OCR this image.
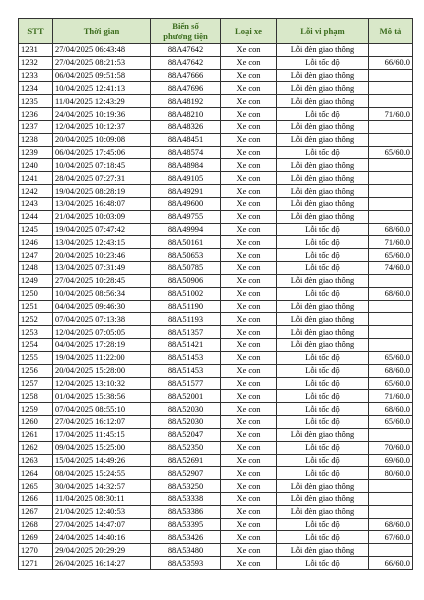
STT	Thời gian	Biển số
phương tiện	Loại xe	Lỗi vi phạm	Mô tả
1231	27/04/2025 06:43:48	88A47642	Xe con	Lỗi đèn giao thông	
1232	27/04/2025 08:21:53	88A47642	Xe con	Lỗi tốc độ	66/60.0
1233	06/04/2025 09:51:58	88A47666	Xe con	Lỗi đèn giao thông	
1234	10/04/2025 12:41:13	88A47696	Xe con	Lỗi đèn giao thông	
1235	11/04/2025 12:43:29	88A48192	Xe con	Lỗi đèn giao thông	
1236	24/04/2025 10:19:36	88A48210	Xe con	Lỗi tốc độ	71/60.0
1237	12/04/2025 10:12:37	88A48326	Xe con	Lỗi đèn giao thông	
1238	20/04/2025 10:09:08	88A48451	Xe con	Lỗi đèn giao thông	
1239	06/04/2025 17:45:06	88A48574	Xe con	Lỗi tốc độ	65/60.0
1240	10/04/2025 07:18:45	88A48984	Xe con	Lỗi đèn giao thông	
1241	28/04/2025 07:27:31	88A49105	Xe con	Lỗi đèn giao thông	
1242	19/04/2025 08:28:19	88A49291	Xe con	Lỗi đèn giao thông	
1243	13/04/2025 16:48:07	88A49600	Xe con	Lỗi đèn giao thông	
1244	21/04/2025 10:03:09	88A49755	Xe con	Lỗi đèn giao thông	
1245	19/04/2025 07:47:42	88A49994	Xe con	Lỗi tốc độ	68/60.0
1246	13/04/2025 12:43:15	88A50161	Xe con	Lỗi tốc độ	71/60.0
1247	20/04/2025 10:23:46	88A50653	Xe con	Lỗi tốc độ	65/60.0
1248	13/04/2025 07:31:49	88A50785	Xe con	Lỗi tốc độ	74/60.0
1249	27/04/2025 10:28:45	88A50906	Xe con	Lỗi đèn giao thông	
1250	10/04/2025 08:56:34	88A51002	Xe con	Lỗi tốc độ	68/60.0
1251	04/04/2025 09:46:30	88A51190	Xe con	Lỗi đèn giao thông	
1252	07/04/2025 07:13:38	88A51193	Xe con	Lỗi đèn giao thông	
1253	12/04/2025 07:05:05	88A51357	Xe con	Lỗi đèn giao thông	
1254	04/04/2025 17:28:19	88A51421	Xe con	Lỗi đèn giao thông	
1255	19/04/2025 11:22:00	88A51453	Xe con	Lỗi tốc độ	65/60.0
1256	20/04/2025 15:28:00	88A51453	Xe con	Lỗi tốc độ	68/60.0
1257	12/04/2025 13:10:32	88A51577	Xe con	Lỗi tốc độ	65/60.0
1258	01/04/2025 15:38:56	88A52001	Xe con	Lỗi tốc độ	71/60.0
1259	07/04/2025 08:55:10	88A52030	Xe con	Lỗi tốc độ	68/60.0
1260	27/04/2025 16:12:07	88A52030	Xe con	Lỗi tốc độ	65/60.0
1261	17/04/2025 11:45:15	88A52047	Xe con	Lỗi đèn giao thông	
1262	09/04/2025 15:25:00	88A52350	Xe con	Lỗi tốc độ	70/60.0
1263	15/04/2025 14:49:26	88A52691	Xe con	Lỗi tốc độ	69/60.0
1264	08/04/2025 15:24:55	88A52907	Xe con	Lỗi tốc độ	80/60.0
1265	30/04/2025 14:32:57	88A53250	Xe con	Lỗi đèn giao thông	
1266	11/04/2025 08:30:11	88A53338	Xe con	Lỗi đèn giao thông	
1267	21/04/2025 12:40:53	88A53386	Xe con	Lỗi đèn giao thông	
1268	27/04/2025 14:47:07	88A53395	Xe con	Lỗi tốc độ	68/60.0
1269	24/04/2025 14:40:16	88A53426	Xe con	Lỗi tốc độ	67/60.0
1270	29/04/2025 20:29:29	88A53480	Xe con	Lỗi đèn giao thông	
1271	26/04/2025 16:14:27	88A53593	Xe con	Lỗi tốc độ	66/60.0
